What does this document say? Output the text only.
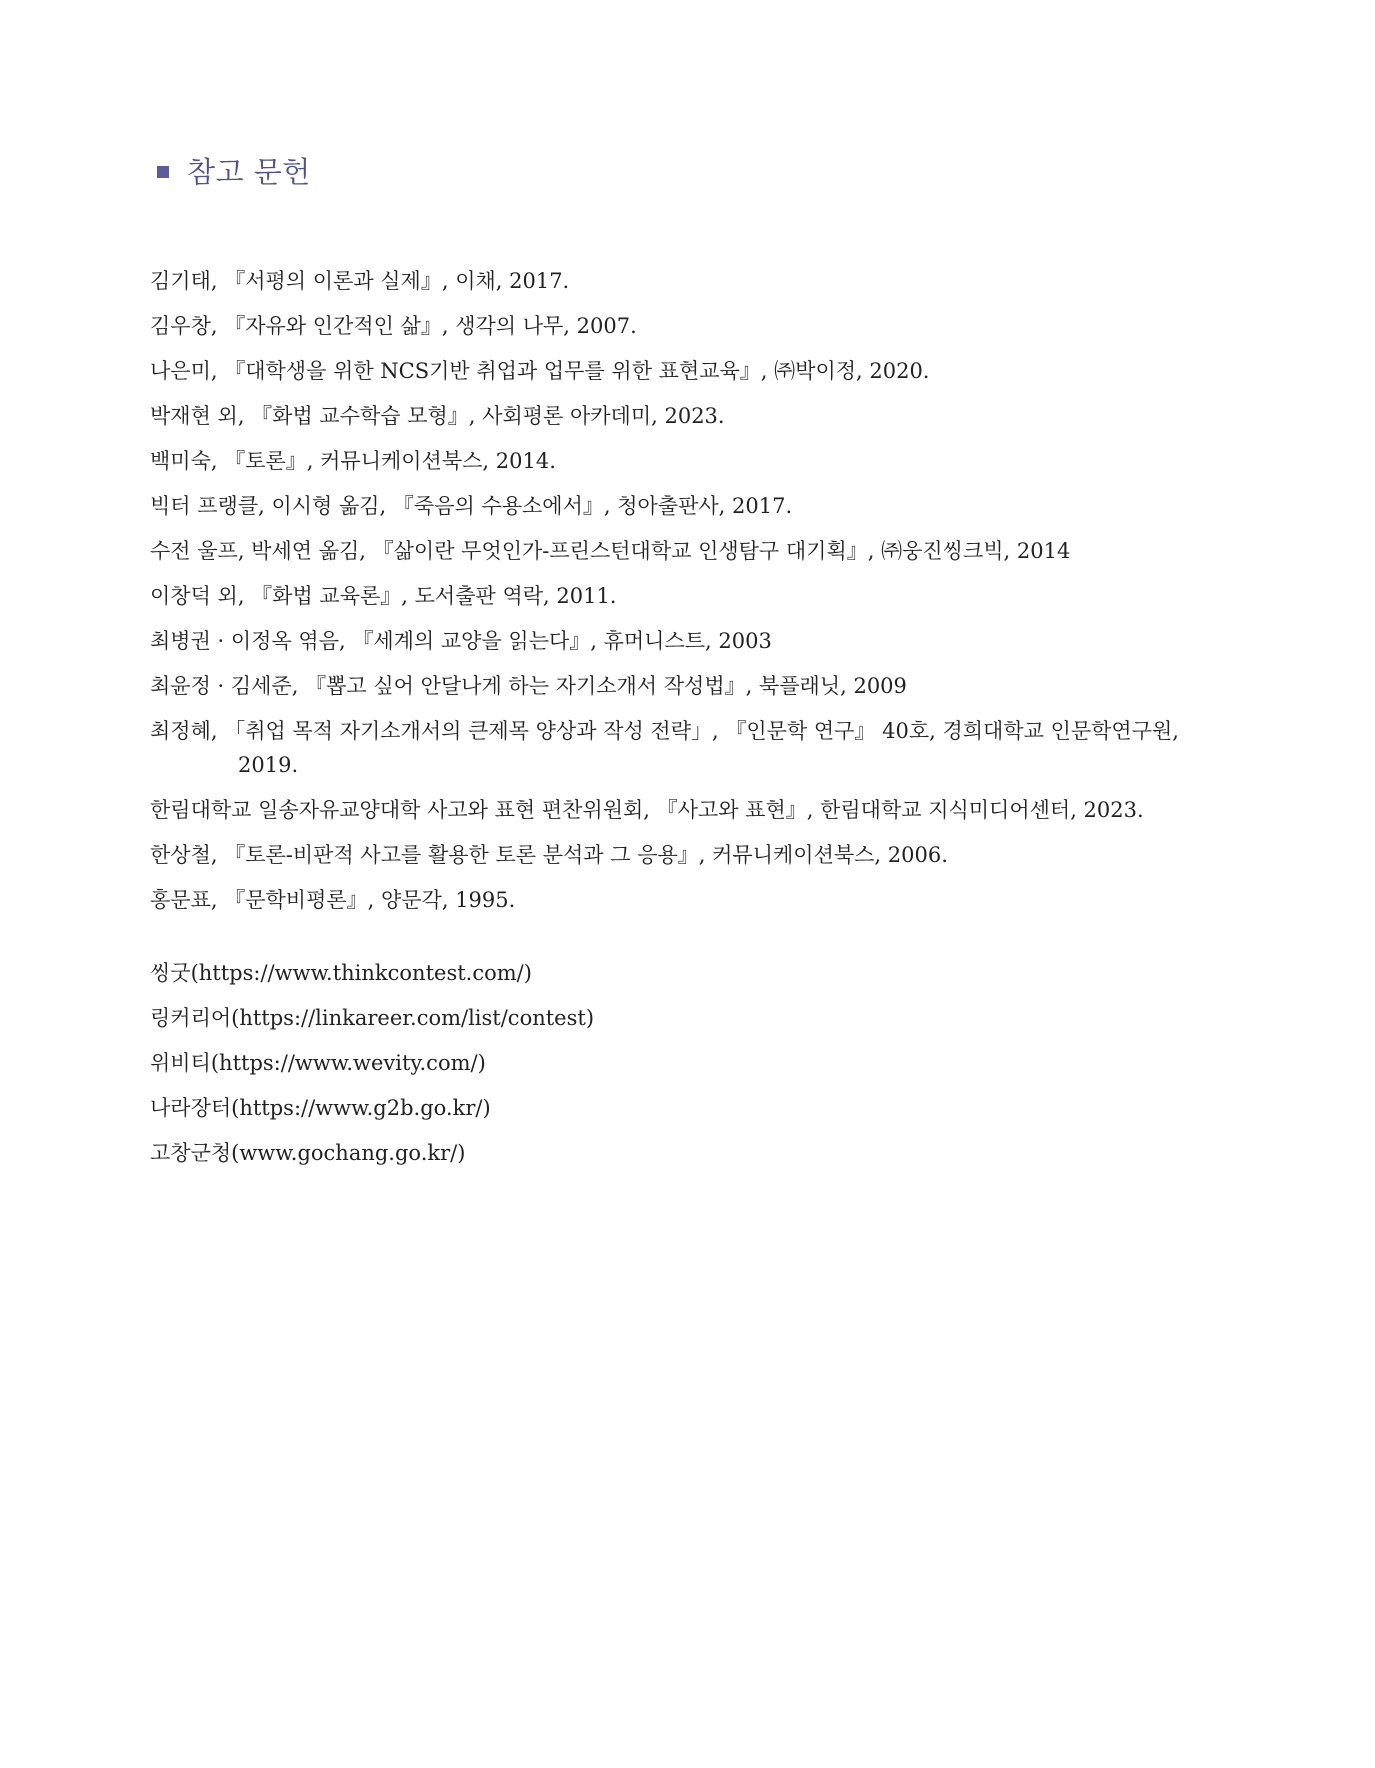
참고 문헌
김기태, 『서평의 이론과 실제』, 이채, 2017.
김우창, 『자유와 인간적인 삶』, 생각의 나무, 2007.
나은미, 『대학생을 위한 NCS기반 취업과 업무를 위한 표현교육』, ㈜박이정, 2020.
박재현 외, 『화법 교수학습 모형』, 사회평론 아카데미, 2023.
백미숙, 『토론』, 커뮤니케이션북스, 2014.
빅터 프랭클, 이시형 옮김, 『죽음의 수용소에서』, 청아출판사, 2017.
수전 울프, 박세연 옮김, 『삶이란 무엇인가-프린스턴대학교 인생탐구 대기획』, ㈜웅진씽크빅, 2014
이창덕 외, 『화법 교육론』, 도서출판 역락, 2011.
최병권 · 이정옥 엮음, 『세계의 교양을 읽는다』, 휴머니스트, 2003
최윤정 · 김세준, 『뽑고 싶어 안달나게 하는 자기소개서 작성법』, 북플래닛, 2009
최정혜, 「취업 목적 자기소개서의 큰제목 양상과 작성 전략」, 『인문학 연구』 40호, 경희대학교 인문학연구원, 2019.
한림대학교 일송자유교양대학 사고와 표현 편찬위원회, 『사고와 표현』, 한림대학교 지식미디어센터, 2023.
한상철, 『토론-비판적 사고를 활용한 토론 분석과 그 응용』, 커뮤니케이션북스, 2006.
홍문표, 『문학비평론』, 양문각, 1995.
씽굿(https://www.thinkcontest.com/)
링커리어(https://linkareer.com/list/contest)
위비티(https://www.wevity.com/)
나라장터(https://www.g2b.go.kr/)
고창군청(www.gochang.go.kr/)
